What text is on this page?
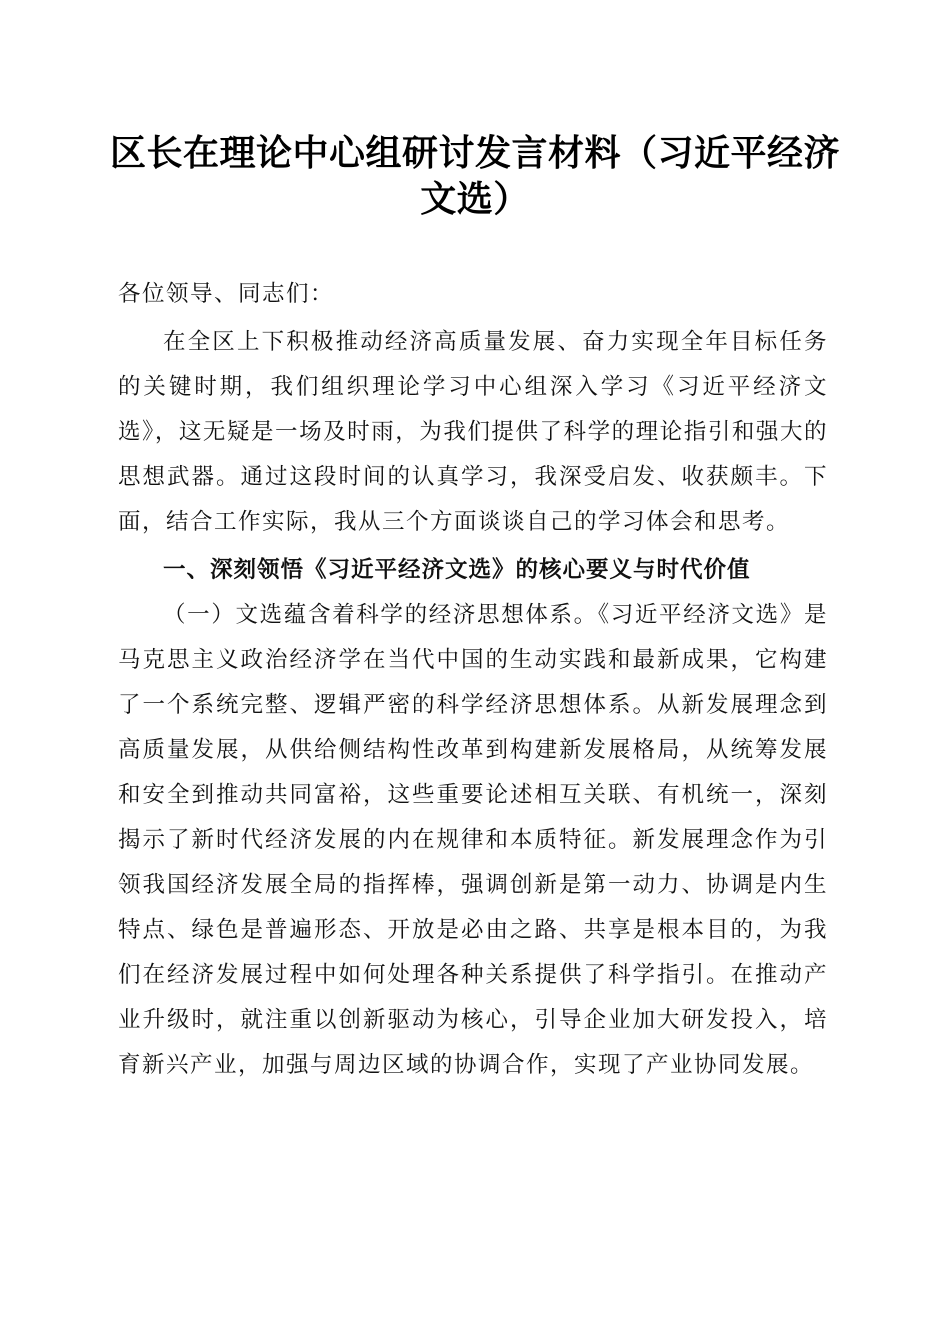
区长在理论中心组研讨发言材料（习近平经济文选）

各位领导、同志们：

在全区上下积极推动经济高质量发展、奋力实现全年目标任务的关键时期，我们组织理论学习中心组深入学习《习近平经济文选》，这无疑是一场及时雨，为我们提供了科学的理论指引和强大的思想武器。通过这段时间的认真学习，我深受启发、收获颇丰。下面，结合工作实际，我从三个方面谈谈自己的学习体会和思考。

一、深刻领悟《习近平经济文选》的核心要义与时代价值

（一）文选蕴含着科学的经济思想体系。《习近平经济文选》是马克思主义政治经济学在当代中国的生动实践和最新成果，它构建了一个系统完整、逻辑严密的科学经济思想体系。从新发展理念到高质量发展，从供给侧结构性改革到构建新发展格局，从统筹发展和安全到推动共同富裕，这些重要论述相互关联、有机统一，深刻揭示了新时代经济发展的内在规律和本质特征。新发展理念作为引领我国经济发展全局的指挥棒，强调创新是第一动力、协调是内生特点、绿色是普遍形态、开放是必由之路、共享是根本目的，为我们在经济发展过程中如何处理各种关系提供了科学指引。在推动产业升级时，就注重以创新驱动为核心，引导企业加大研发投入，培育新兴产业，加强与周边区域的协调合作，实现了产业协同发展。
